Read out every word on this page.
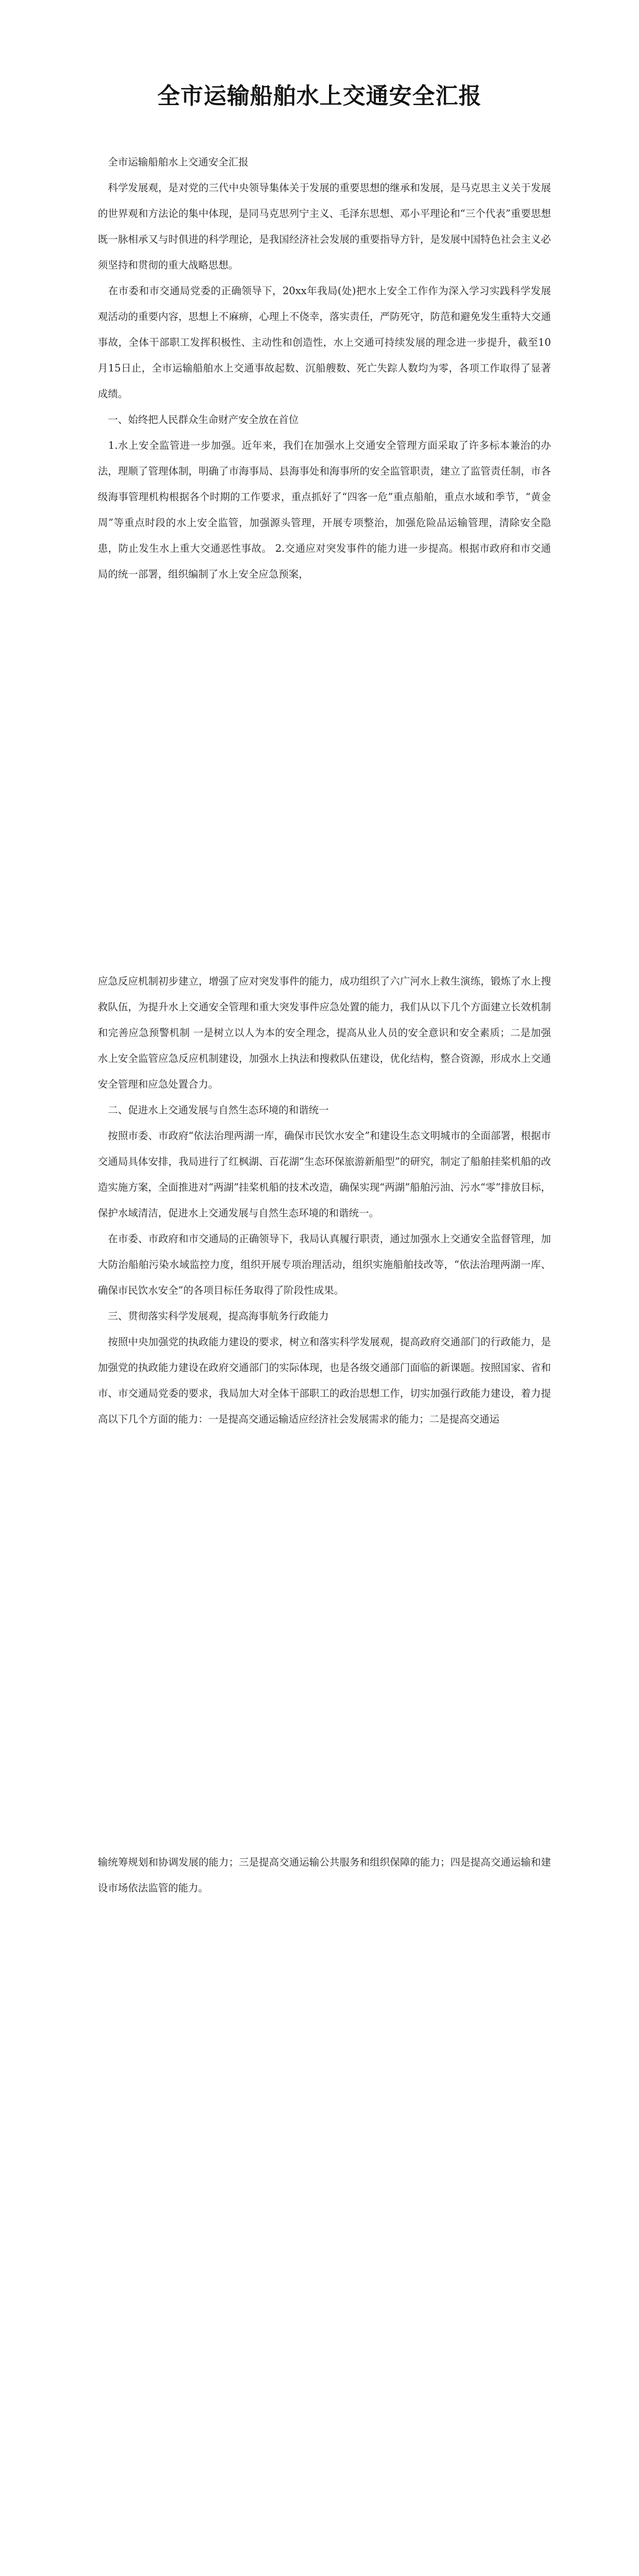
全市运输船舶水上交通安全汇报

　全市运输船舶水上交通安全汇报

　科学发展观，是对党的三代中央领导集体关于发展的重要思想的继承和发展，是马克思主义关于发展的世界观和方法论的集中体现，是同马克思列宁主义、毛泽东思想、邓小平理论和“三个代表”重要思想既一脉相承又与时俱进的科学理论，是我国经济社会发展的重要指导方针，是发展中国特色社会主义必须坚持和贯彻的重大战略思想。

　在市委和市交通局党委的正确领导下，20xx年我局(处)把水上安全工作作为深入学习实践科学发展观活动的重要内容，思想上不麻痹，心理上不侥幸，落实责任，严防死守，防范和避免发生重特大交通事故，全体干部职工发挥积极性、主动性和创造性，水上交通可持续发展的理念进一步提升，截至10月15日止，全市运输船舶水上交通事故起数、沉船艘数、死亡失踪人数均为零，各项工作取得了显著成绩。

　一、始终把人民群众生命财产安全放在首位

　1.水上安全监管进一步加强。近年来，我们在加强水上交通安全管理方面采取了许多标本兼治的办法，理顺了管理体制，明确了市海事局、县海事处和海事所的安全监管职责，建立了监管责任制，市各级海事管理机构根据各个时期的工作要求，重点抓好了“四客一危”重点船舶，重点水域和季节，“黄金周”等重点时段的水上安全监管，加强源头管理，开展专项整治，加强危险品运输管理，清除安全隐患，防止发生水上重大交通恶性事故。 2.交通应对突发事件的能力进一步提高。根据市政府和市交通局的统一部署，组织编制了水上安全应急预案，

应急反应机制初步建立，增强了应对突发事件的能力，成功组织了六广河水上救生演练，锻炼了水上搜救队伍，为提升水上交通安全管理和重大突发事件应急处置的能力，我们从以下几个方面建立长效机制和完善应急预警机制 一是树立以人为本的安全理念，提高从业人员的安全意识和安全素质；二是加强水上安全监管应急反应机制建设，加强水上执法和搜救队伍建设，优化结构，整合资源，形成水上交通安全管理和应急处置合力。

　二、促进水上交通发展与自然生态环境的和谐统一

　按照市委、市政府“依法治理两湖一库，确保市民饮水安全”和建设生态文明城市的全面部署，根据市交通局具体安排，我局进行了红枫湖、百花湖“生态环保旅游新船型”的研究，制定了船舶挂桨机船的改造实施方案，全面推进对“两湖”挂桨机船的技术改造，确保实现“两湖”船舶污油、污水“零”排放目标，保护水域清洁，促进水上交通发展与自然生态环境的和谐统一。

　在市委、市政府和市交通局的正确领导下，我局认真履行职责，通过加强水上交通安全监督管理，加大防治船舶污染水域监控力度，组织开展专项治理活动，组织实施船舶技改等，“依法治理两湖一库、确保市民饮水安全”的各项目标任务取得了阶段性成果。

　三、贯彻落实科学发展观，提高海事航务行政能力

　按照中央加强党的执政能力建设的要求，树立和落实科学发展观，提高政府交通部门的行政能力，是加强党的执政能力建设在政府交通部门的实际体现，也是各级交通部门面临的新课题。按照国家、省和市、市交通局党委的要求，我局加大对全体干部职工的政治思想工作，切实加强行政能力建设，着力提高以下几个方面的能力：一是提高交通运输适应经济社会发展需求的能力；二是提高交通运

输统筹规划和协调发展的能力；三是提高交通运输公共服务和组织保障的能力；四是提高交通运输和建设市场依法监管的能力。
